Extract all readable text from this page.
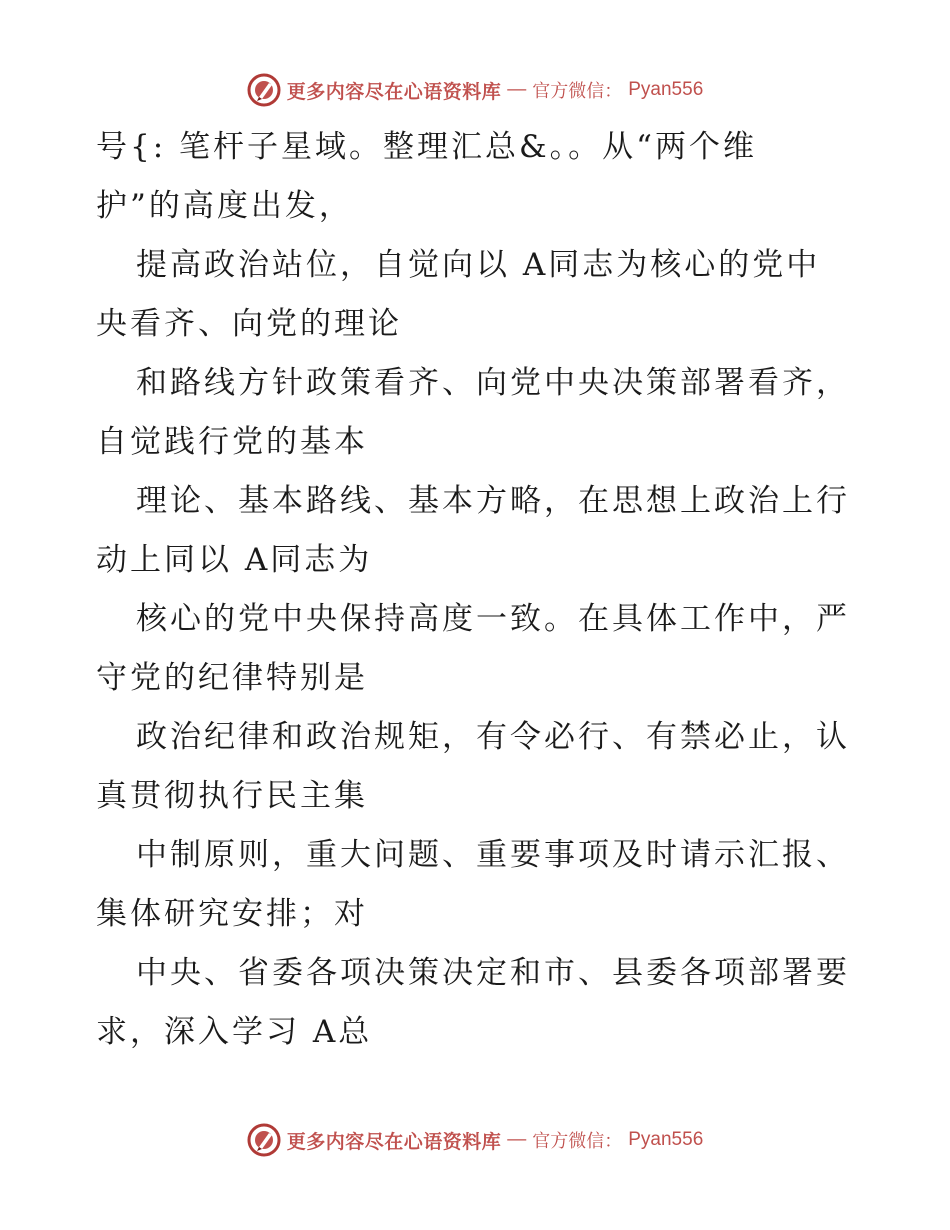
更多内容尽在心语资料库 — 官方微信： Pyan556
号{: 笔杆子星域。整理汇总&。。从“两个维
护”的高度出发，
提高政治站位，自觉向以 A同志为核心的党中
央看齐、向党的理论
和路线方针政策看齐、向党中央决策部署看齐，
自觉践行党的基本
理论、基本路线、基本方略，在思想上政治上行
动上同以 A同志为
核心的党中央保持高度一致。在具体工作中，严
守党的纪律特别是
政治纪律和政治规矩，有令必行、有禁必止，认
真贯彻执行民主集
中制原则，重大问题、重要事项及时请示汇报、
集体研究安排；对
中央、省委各项决策决定和市、县委各项部署要
求，深入学习 A总
更多内容尽在心语资料库 — 官方微信： Pyan556
